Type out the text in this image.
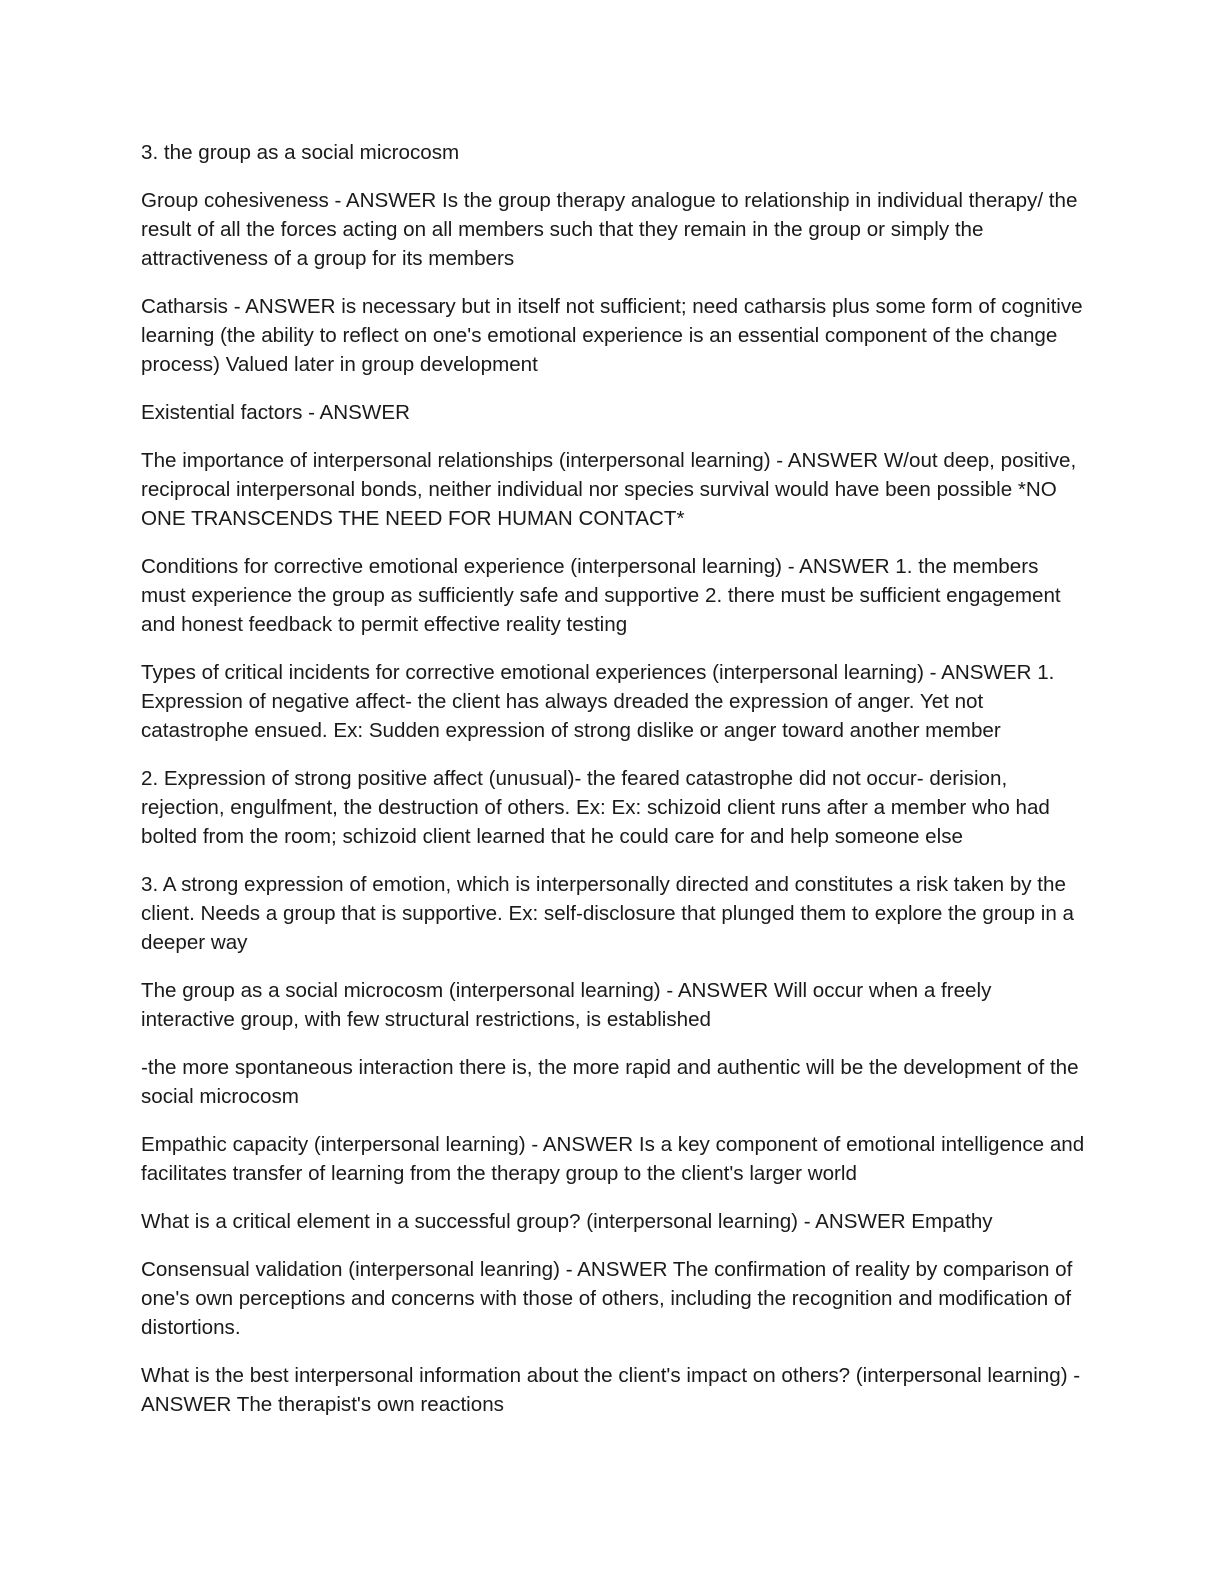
3. the group as a social microcosm

Group cohesiveness - ANSWER Is the group therapy analogue to relationship in individual therapy/ the result of all the forces acting on all members such that they remain in the group or simply the attractiveness of a group for its members

Catharsis - ANSWER is necessary but in itself not sufficient; need catharsis plus some form of cognitive learning (the ability to reflect on one's emotional experience is an essential component of the change process) Valued later in group development

Existential factors - ANSWER

The importance of interpersonal relationships (interpersonal learning) - ANSWER W/out deep, positive, reciprocal interpersonal bonds, neither individual nor species survival would have been possible *NO ONE TRANSCENDS THE NEED FOR HUMAN CONTACT*

Conditions for corrective emotional experience (interpersonal learning) - ANSWER 1. the members must experience the group as sufficiently safe and supportive 2. there must be sufficient engagement and honest feedback to permit effective reality testing

Types of critical incidents for corrective emotional experiences (interpersonal learning) - ANSWER 1. Expression of negative affect- the client has always dreaded the expression of anger. Yet not catastrophe ensued. Ex: Sudden expression of strong dislike or anger toward another member

2. Expression of strong positive affect (unusual)- the feared catastrophe did not occur- derision, rejection, engulfment, the destruction of others. Ex: Ex: schizoid client runs after a member who had bolted from the room; schizoid client learned that he could care for and help someone else

3. A strong expression of emotion, which is interpersonally directed and constitutes a risk taken by the client. Needs a group that is supportive. Ex: self-disclosure that plunged them to explore the group in a deeper way

The group as a social microcosm (interpersonal learning) - ANSWER Will occur when a freely interactive group, with few structural restrictions, is established

-the more spontaneous interaction there is, the more rapid and authentic will be the development of the social microcosm

Empathic capacity (interpersonal learning) - ANSWER Is a key component of emotional intelligence and facilitates transfer of learning from the therapy group to the client's larger world

What is a critical element in a successful group? (interpersonal learning) - ANSWER Empathy

Consensual validation (interpersonal leanring) - ANSWER The confirmation of reality by comparison of one's own perceptions and concerns with those of others, including the recognition and modification of distortions.

What is the best interpersonal information about the client's impact on others? (interpersonal learning) - ANSWER The therapist's own reactions
